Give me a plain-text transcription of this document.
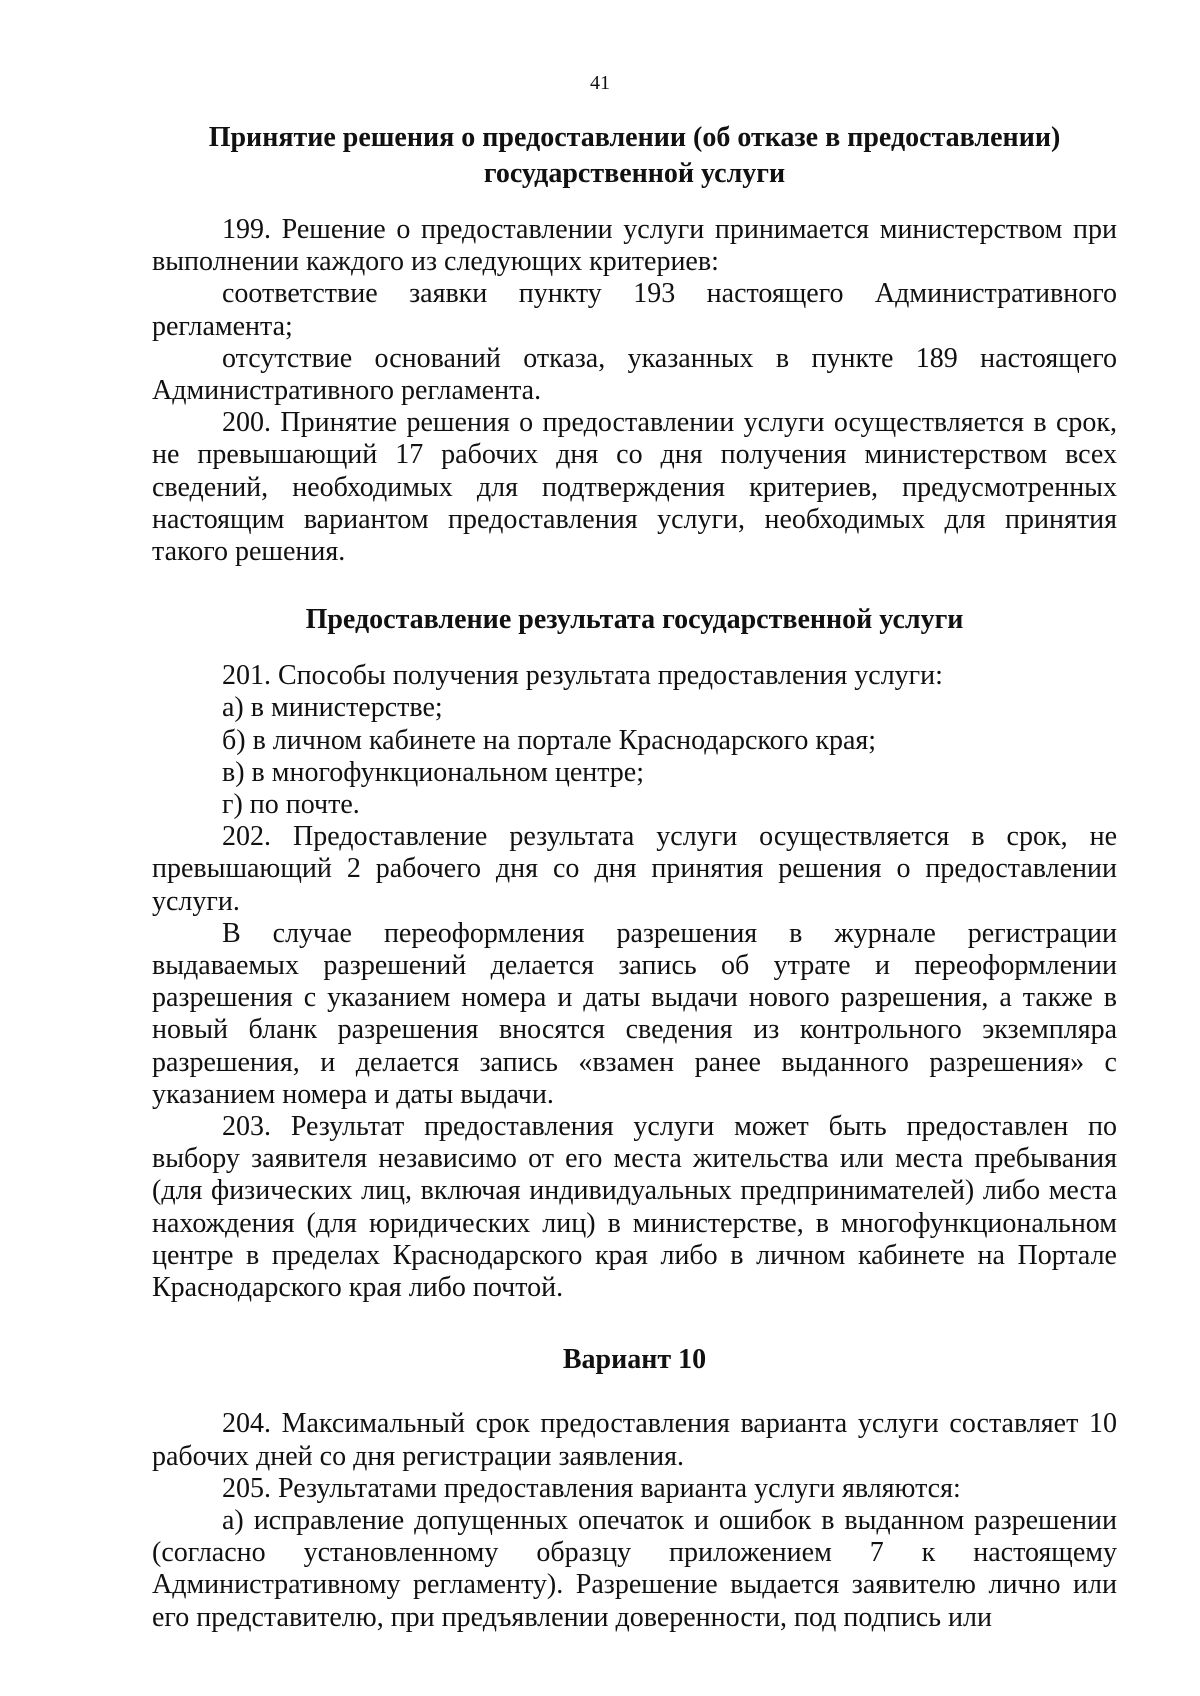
41
Принятие решения о предоставлении (об отказе в предоставлении) государственной услуги

199. Решение о предоставлении услуги принимается министерством при выполнении каждого из следующих критериев:

соответствие заявки пункту 193 настоящего Административного регламента;

отсутствие оснований отказа, указанных в пункте 189 настоящего Административного регламента.

200. Принятие решения о предоставлении услуги осуществляется в срок, не превышающий 17 рабочих дня со дня получения министерством всех сведений, необходимых для подтверждения критериев, предусмотренных настоящим вариантом предоставления услуги, необходимых для принятия такого решения.

Предоставление результата государственной услуги

201. Способы получения результата предоставления услуги:

а) в министерстве;

б) в личном кабинете на портале Краснодарского края;

в) в многофункциональном центре;

г) по почте.

202. Предоставление результата услуги осуществляется в срок, не превышающий 2 рабочего дня со дня принятия решения о предоставлении услуги.

В случае переоформления разрешения в журнале регистрации выдаваемых разрешений делается запись об утрате и переоформлении разрешения с указанием номера и даты выдачи нового разрешения, а также в новый бланк разрешения вносятся сведения из контрольного экземпляра разрешения, и делается запись «взамен ранее выданного разрешения» с указанием номера и даты выдачи.

203. Результат предоставления услуги может быть предоставлен по выбору заявителя независимо от его места жительства или места пребывания (для физических лиц, включая индивидуальных предпринимателей) либо места нахождения (для юридических лиц) в министерстве, в многофункциональном центре в пределах Краснодарского края либо в личном кабинете на Портале Краснодарского края либо почтой.

Вариант 10

204. Максимальный срок предоставления варианта услуги составляет 10 рабочих дней со дня регистрации заявления.

205. Результатами предоставления варианта услуги являются:

а) исправление допущенных опечаток и ошибок в выданном разрешении (согласно установленному образцу приложением 7 к настоящему Административному регламенту). Разрешение выдается заявителю лично или его представителю, при предъявлении доверенности, под подпись или
